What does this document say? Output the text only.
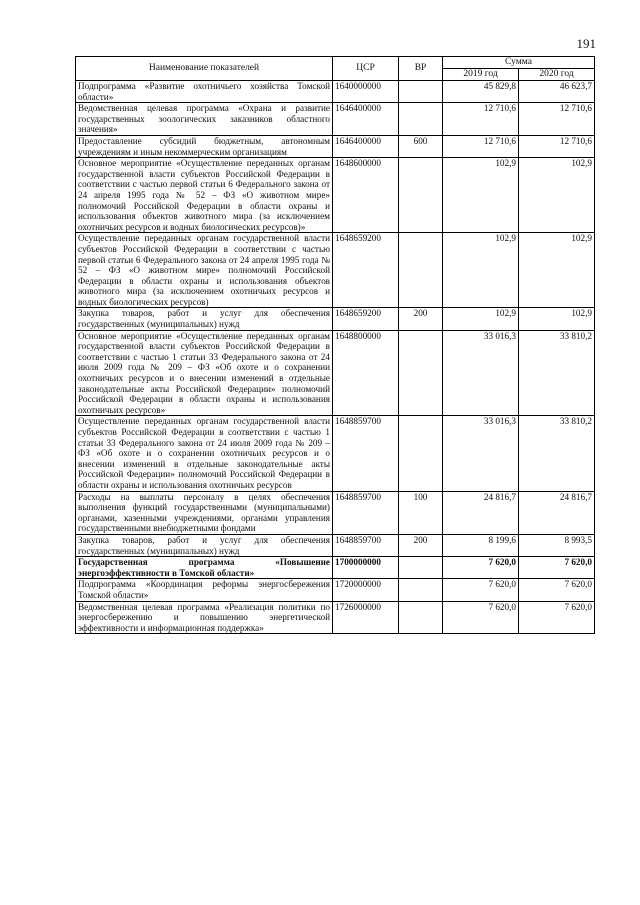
191
Наименование показателей	ЦСР	ВР	Сумма	
			2019 год	2020 год
Подпрограмма «Развитие охотничьего хозяйства Томской области»	1640000000		45 829,8	46 623,7
Ведомственная целевая программа «Охрана и развитие государственных зоологических заказников областного значения»	1646400000		12 710,6	12 710,6
Предоставление субсидий бюджетным, автономным учреждениям и иным некоммерческим организациям	1646400000	600	12 710,6	12 710,6
Основное мероприятие «Осуществление переданных органам государственной власти субъектов Российской Федерации в соответствии с частью первой статьи 6 Федерального закона от 24 апреля 1995 года № 52 – ФЗ «О животном мире» полномочий Российской Федерации в области охраны и использования объектов животного мира (за исключением охотничьих ресурсов и водных биологических ресурсов)»	1648600000		102,9	102,9
Осуществление переданных органам государственной власти субъектов Российской Федерации в соответствии с частью первой статьи 6 Федерального закона от 24 апреля 1995 года № 52 – ФЗ «О животном мире» полномочий Российской Федерации в области охраны и использования объектов животного мира (за исключением охотничьих ресурсов и водных биологических ресурсов)	1648659200		102,9	102,9
Закупка товаров, работ и услуг для обеспечения государственных (муниципальных) нужд	1648659200	200	102,9	102,9
Основное мероприятие «Осуществление переданных органам государственной власти субъектов Российской Федерации в соответствии с частью 1 статьи 33 Федерального закона от 24 июля 2009 года № 209 – ФЗ «Об охоте и о сохранении охотничьих ресурсов и о внесении изменений в отдельные законодательные акты Российской Федерации» полномочий Российской Федерации в области охраны и использования охотничьих ресурсов»	1648800000		33 016,3	33 810,2
Осуществление переданных органам государственной власти субъектов Российской Федерации в соответствии с частью 1 статьи 33 Федерального закона от 24 июля 2009 года № 209 – ФЗ «Об охоте и о сохранении охотничьих ресурсов и о внесении изменений в отдельные законодательные акты Российской Федерации» полномочий Российской Федерации в области охраны и использования охотничьих ресурсов	1648859700		33 016,3	33 810,2
Расходы на выплаты персоналу в целях обеспечения выполнения функций государственными (муниципальными) органами, казенными учреждениями, органами управления государственными внебюджетными фондами	1648859700	100	24 816,7	24 816,7
Закупка товаров, работ и услуг для обеспечения государственных (муниципальных) нужд	1648859700	200	8 199,6	8 993,5
Государственная программа «Повышение энергоэффективности в Томской области»	1700000000		7 620,0	7 620,0
Подпрограмма «Координация реформы энергосбережения Томской области»	1720000000		7 620,0	7 620,0
Ведомственная целевая программа «Реализация политики по энергосбережению и повышению энергетической эффективности и информационная поддержка»	1726000000		7 620,0	7 620,0
